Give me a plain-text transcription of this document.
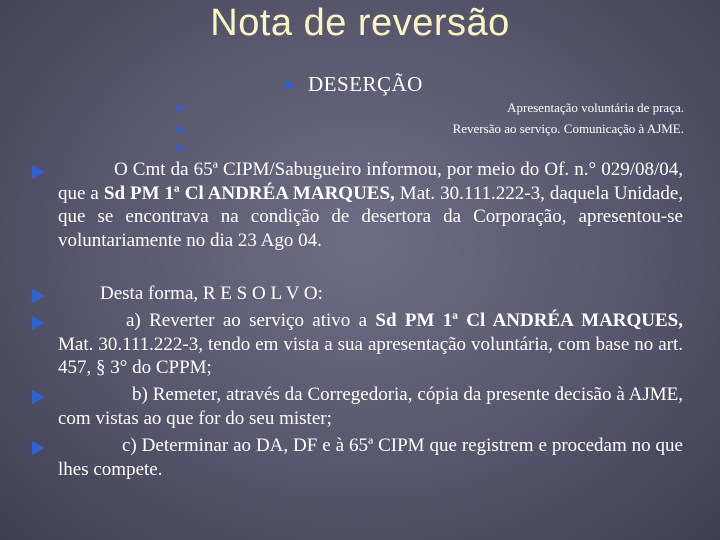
Nota de reversão
DESERÇÃO
Apresentação voluntária de praça.
Reversão ao serviço. Comunicação à AJME.
O Cmt da 65ª CIPM/Sabugueiro informou, por meio do Of. n.° 029/08/04, que a Sd PM 1ª Cl ANDRÉA MARQUES, Mat. 30.111.222-3, daquela Unidade, que se encontrava na condição de desertora da Corporação, apresentou-se voluntariamente no dia 23 Ago 04.
Desta forma, R E S O L V O:
a) Reverter ao serviço ativo a Sd PM 1ª Cl ANDRÉA MARQUES, Mat. 30.111.222-3, tendo em vista a sua apresentação voluntária, com base no art. 457, § 3° do CPPM;
b) Remeter, através da Corregedoria, cópia da presente decisão à AJME, com vistas ao que for do seu mister;
c) Determinar ao DA, DF e à 65ª CIPM que registrem e procedam no que lhes compete.
